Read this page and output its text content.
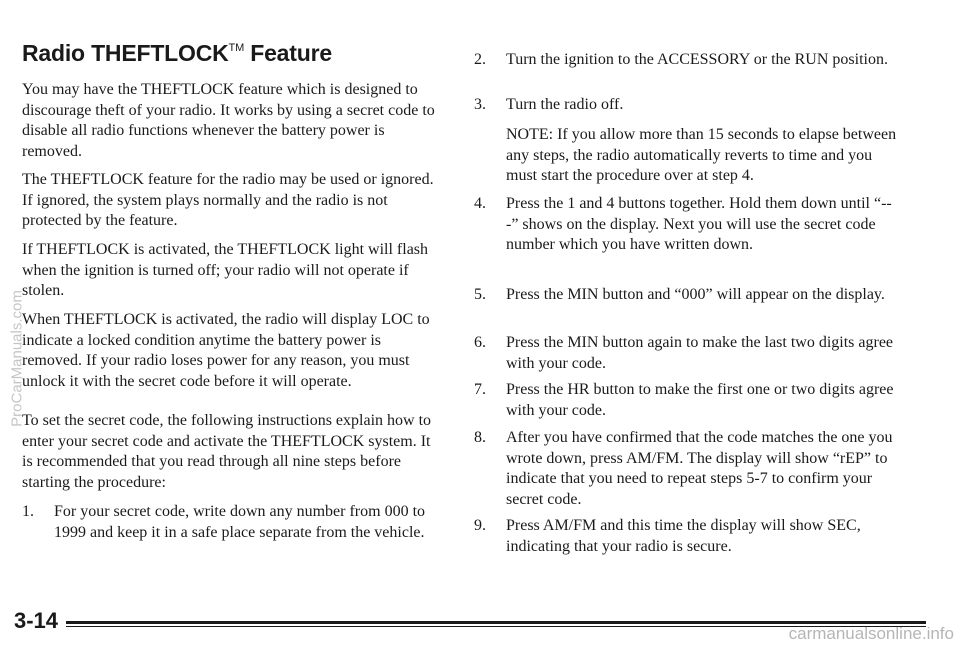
Radio THEFTLOCK™ Feature

You may have the THEFTLOCK feature which is designed to discourage theft of your radio. It works by using a secret code to disable all radio functions whenever the battery power is removed.

The THEFTLOCK feature for the radio may be used or ignored. If ignored, the system plays normally and the radio is not protected by the feature.

If THEFTLOCK is activated, the THEFTLOCK light will flash when the ignition is turned off; your radio will not operate if stolen.

When THEFTLOCK is activated, the radio will display LOC to indicate a locked condition anytime the battery power is removed. If your radio loses power for any reason, you must unlock it with the secret code before it will operate.

To set the secret code, the following instructions explain how to enter your secret code and activate the THEFTLOCK system. It is recommended that you read through all nine steps before starting the procedure:

1.	For your secret code, write down any number from 000 to 1999 and keep it in a safe place separate from the vehicle.
2.	Turn the ignition to the ACCESSORY or the RUN position.
3.	Turn the radio off.
NOTE: If you allow more than 15 seconds to elapse between any steps, the radio automatically reverts to time and you must start the procedure over at step 4.
4.	Press the 1 and 4 buttons together. Hold them down until “---” shows on the display. Next you will use the secret code number which you have written down.
5.	Press the MIN button and “000” will appear on the display.
6.	Press the MIN button again to make the last two digits agree with your code.
7.	Press the HR button to make the first one or two digits agree with your code.
8.	After you have confirmed that the code matches the one you wrote down, press AM/FM. The display will show “rEP” to indicate that you need to repeat steps 5-7 to confirm your secret code.
9.	Press AM/FM and this time the display will show SEC, indicating that your radio is secure.
3-14
ProCarManuals.com
carmanualsonline.info
